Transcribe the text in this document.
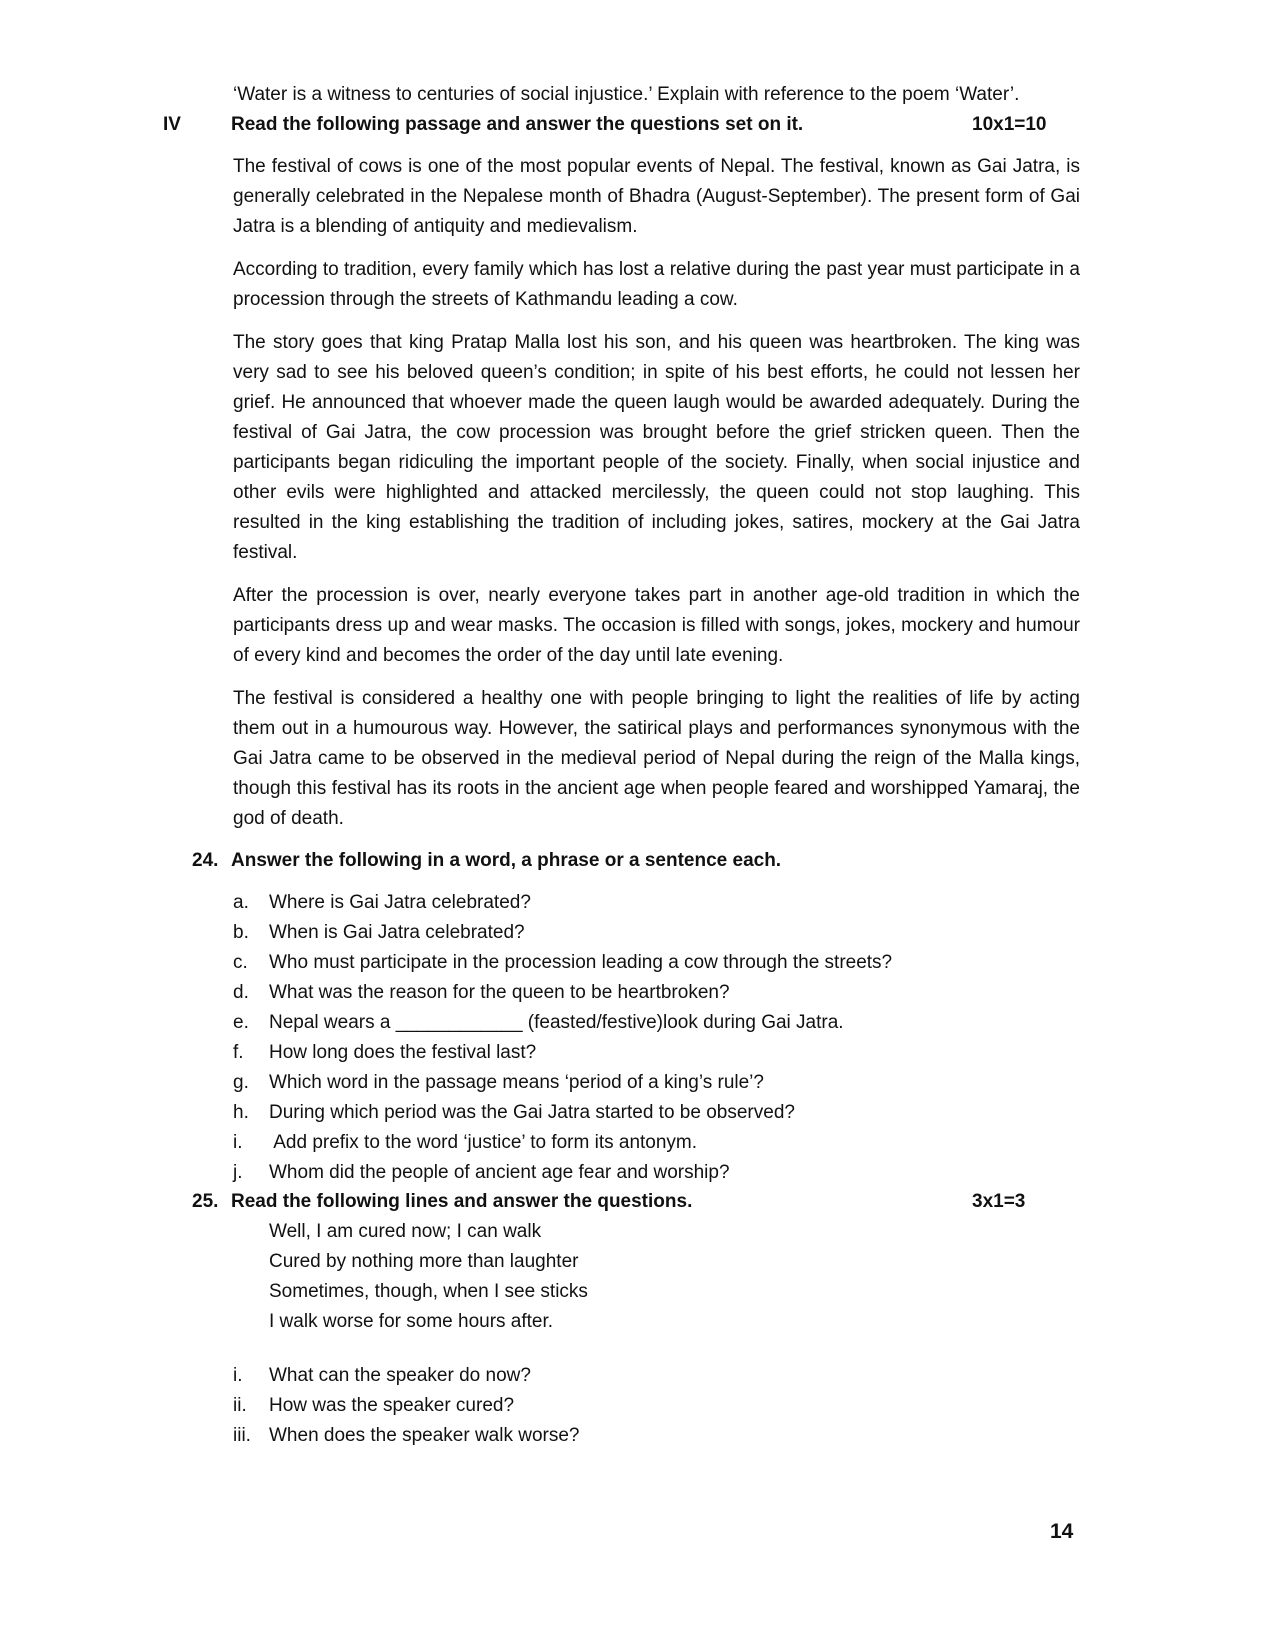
‘Water is a witness to centuries of social injustice.’ Explain with reference to the poem ‘Water’.
IV	Read the following passage and answer the questions set on it.	10x1=10
The festival of cows is one of the most popular events of Nepal. The festival, known as Gai Jatra, is generally celebrated in the Nepalese month of Bhadra (August-September). The present form of Gai Jatra is a blending of antiquity and medievalism.
According to tradition, every family which has lost a relative during the past year must participate in a procession through the streets of Kathmandu leading a cow.
The story goes that king Pratap Malla lost his son, and his queen was heartbroken. The king was very sad to see his beloved queen’s condition; in spite of his best efforts, he could not lessen her grief. He announced that whoever made the queen laugh would be awarded adequately. During the festival of Gai Jatra, the cow procession was brought before the grief stricken queen. Then the participants began ridiculing the important people of the society. Finally, when social injustice and other evils were highlighted and attacked mercilessly, the queen could not stop laughing. This resulted in the king establishing the tradition of including jokes, satires, mockery at the Gai Jatra festival.
After the procession is over, nearly everyone takes part in another age-old tradition in which the participants dress up and wear masks. The occasion is filled with songs, jokes, mockery and humour of every kind and becomes the order of the day until late evening.
The festival is considered a healthy one with people bringing to light the realities of life by acting them out in a humourous way. However, the satirical plays and performances synonymous with the Gai Jatra came to be observed in the medieval period of Nepal during the reign of the Malla kings, though this festival has its roots in the ancient age when people feared and worshipped Yamaraj, the god of death.
24. Answer the following in a word, a phrase or a sentence each.
a. Where is Gai Jatra celebrated?
b. When is Gai Jatra celebrated?
c. Who must participate in the procession leading a cow through the streets?
d. What was the reason for the queen to be heartbroken?
e. Nepal wears a ____________ (feasted/festive)look during Gai Jatra.
f. How long does the festival last?
g. Which word in the passage means ‘period of a king’s rule’?
h. During which period was the Gai Jatra started to be observed?
i. Add prefix to the word ‘justice’ to form its antonym.
j. Whom did the people of ancient age fear and worship?
25. Read the following lines and answer the questions.	3x1=3
Well, I am cured now; I can walk
Cured by nothing more than laughter
Sometimes, though, when I see sticks
I walk worse for some hours after.
i. What can the speaker do now?
ii. How was the speaker cured?
iii. When does the speaker walk worse?
14
